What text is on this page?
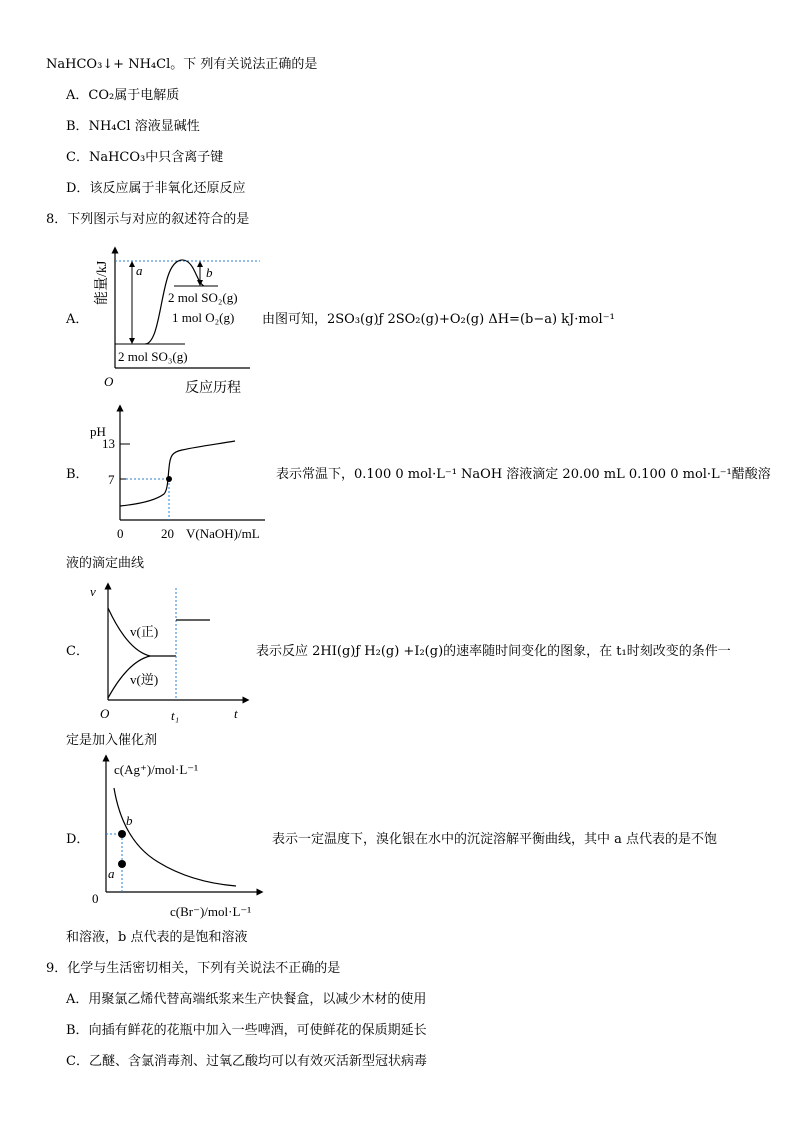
NaHCO₃↓+ NH₄Cl。下 列有关说法正确的是
A．CO₂属于电解质
B．NH₄Cl 溶液显碱性
C．NaHCO₃中只含离子键
D．该反应属于非氧化还原反应
8．下列图示与对应的叙述符合的是
A．
a	b
2 mol SO₂(g)
1 mol O₂(g)
2 mol SO₃(g)
O	反应历程
能量/kJ
由图可知，2SO₃(g)ƒ 2SO₂(g)+O₂(g) ΔH=(b−a) kJ·mol⁻¹
B．
pH
13
7
0	20 V(NaOH)/mL
表示常温下，0.100 0 mol·L⁻¹ NaOH 溶液滴定 20.00 mL 0.100 0 mol·L⁻¹醋酸溶
液的滴定曲线
C．
v
v(正)
v(逆)
O	t₁	t
表示反应 2HI(g)ƒ H₂(g) +I₂(g)的速率随时间变化的图象，在 t₁时刻改变的条件一
定是加入催化剂
D．
c(Ag⁺)/mol·L⁻¹
b
a
0
c(Br⁻)/mol·L⁻¹
表示一定温度下，溴化银在水中的沉淀溶解平衡曲线，其中 a 点代表的是不饱
和溶液，b 点代表的是饱和溶液
9．化学与生活密切相关，下列有关说法不正确的是
A．用聚氯乙烯代替高端纸浆来生产快餐盒，以减少木材的使用
B．向插有鲜花的花瓶中加入一些啤酒，可使鲜花的保质期延长
C．乙醚、含氯消毒剂、过氧乙酸均可以有效灭活新型冠状病毒
